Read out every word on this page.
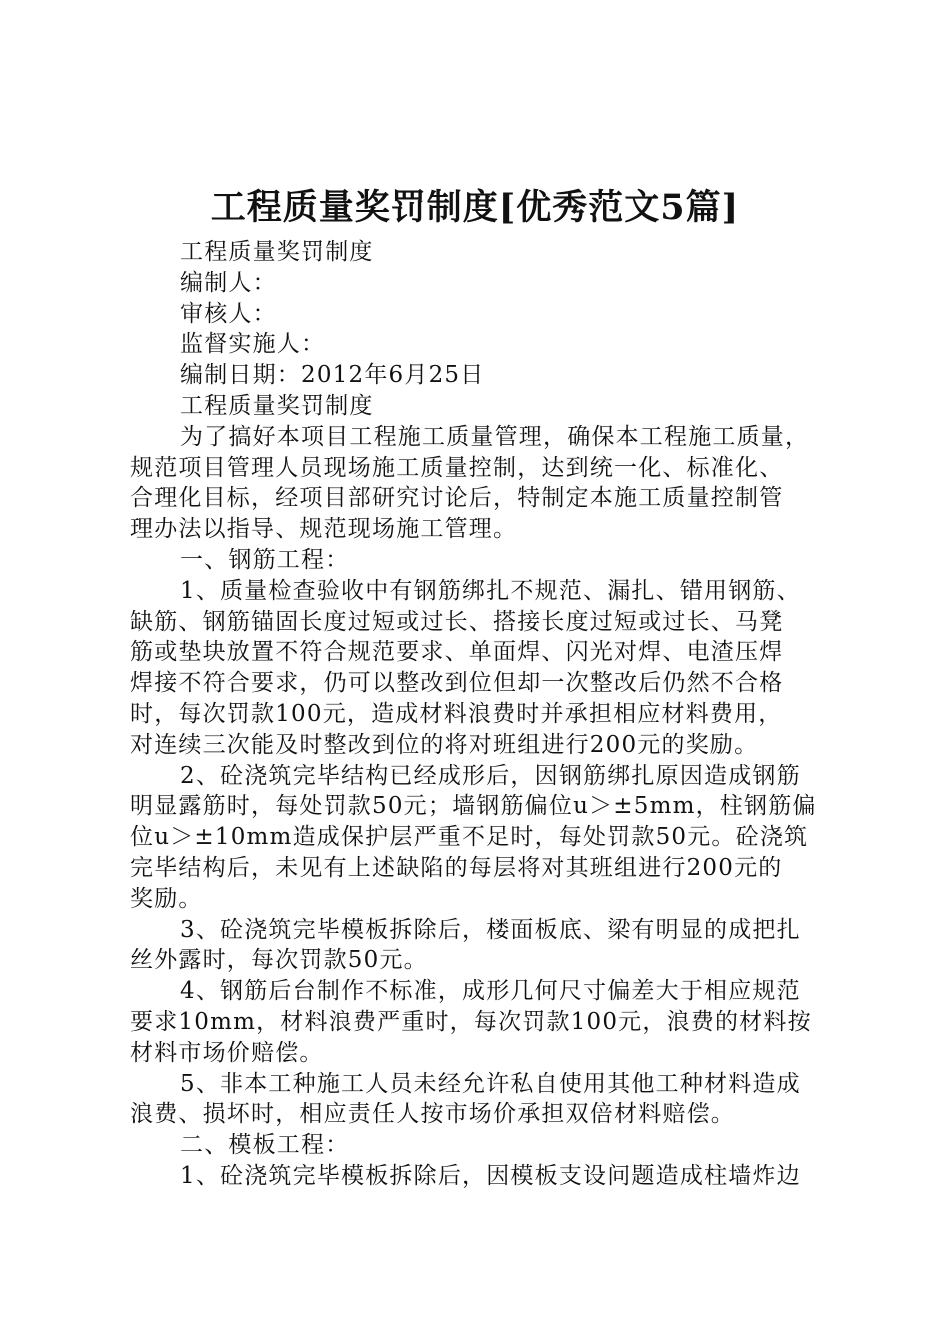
工程质量奖罚制度[优秀范文5篇]
工程质量奖罚制度
编制人：
审核人：
监督实施人：
编制日期：2012年6月25日
工程质量奖罚制度
为了搞好本项目工程施工质量管理，确保本工程施工质量，
规范项目管理人员现场施工质量控制，达到统一化、标准化、
合理化目标，经项目部研究讨论后，特制定本施工质量控制管
理办法以指导、规范现场施工管理。
一、钢筋工程：
1、质量检查验收中有钢筋绑扎不规范、漏扎、错用钢筋、
缺筋、钢筋锚固长度过短或过长、搭接长度过短或过长、马凳
筋或垫块放置不符合规范要求、单面焊、闪光对焊、电渣压焊
焊接不符合要求，仍可以整改到位但却一次整改后仍然不合格
时，每次罚款100元，造成材料浪费时并承担相应材料费用，
对连续三次能及时整改到位的将对班组进行200元的奖励。
2、砼浇筑完毕结构已经成形后，因钢筋绑扎原因造成钢筋
明显露筋时，每处罚款50元；墙钢筋偏位u＞±5mm，柱钢筋偏
位u＞±10mm造成保护层严重不足时，每处罚款50元。砼浇筑
完毕结构后，未见有上述缺陷的每层将对其班组进行200元的
奖励。
3、砼浇筑完毕模板拆除后，楼面板底、梁有明显的成把扎
丝外露时，每次罚款50元。
4、钢筋后台制作不标准，成形几何尺寸偏差大于相应规范
要求10mm，材料浪费严重时，每次罚款100元，浪费的材料按
材料市场价赔偿。
5、非本工种施工人员未经允许私自使用其他工种材料造成
浪费、损坏时，相应责任人按市场价承担双倍材料赔偿。
二、模板工程：
1、砼浇筑完毕模板拆除后，因模板支设问题造成柱墙炸边
